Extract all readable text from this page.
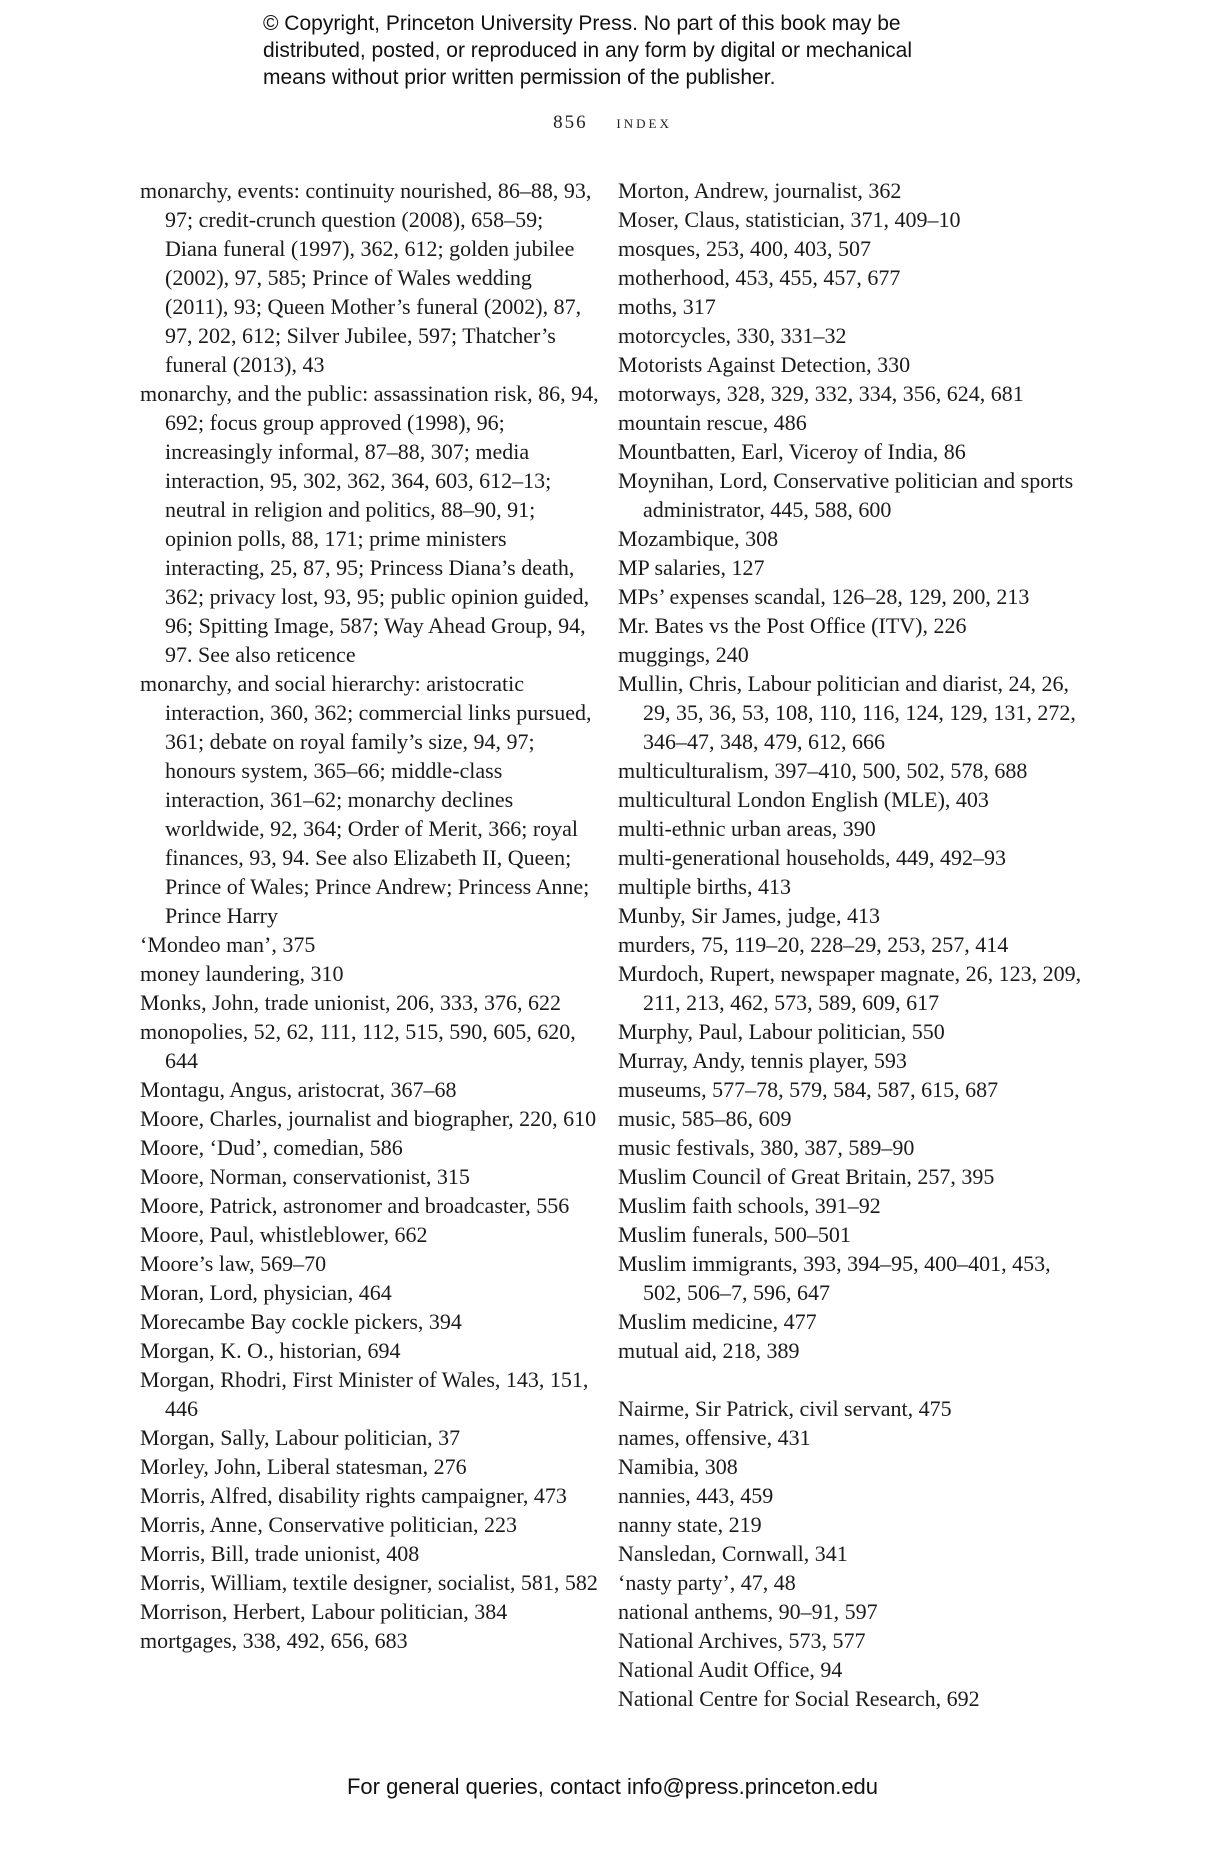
© Copyright, Princeton University Press. No part of this book may be
distributed, posted, or reproduced in any form by digital or mechanical
means without prior written permission of the publisher.
856 index

monarchy, events: continuity nourished, 86–88, 93, 97; credit-crunch question (2008), 658–59; Diana funeral (1997), 362, 612; golden jubilee (2002), 97, 585; Prince of Wales wedding (2011), 93; Queen Mother’s funeral (2002), 87, 97, 202, 612; Silver Jubilee, 597; Thatcher’s funeral (2013), 43

monarchy, and the public: assassination risk, 86, 94, 692; focus group approved (1998), 96; increasingly informal, 87–88, 307; media interaction, 95, 302, 362, 364, 603, 612–13; neutral in religion and politics, 88–90, 91; opinion polls, 88, 171; prime ministers interacting, 25, 87, 95; Princess Diana’s death, 362; privacy lost, 93, 95; public opinion guided, 96; Spitting Image, 587; Way Ahead Group, 94, 97. See also reticence

monarchy, and social hierarchy: aristocratic interaction, 360, 362; commercial links pursued, 361; debate on royal family’s size, 94, 97; honours system, 365–66; middle-class interaction, 361–62; monarchy declines worldwide, 92, 364; Order of Merit, 366; royal finances, 93, 94. See also Elizabeth II, Queen; Prince of Wales; Prince Andrew; Princess Anne; Prince Harry

‘Mondeo man’, 375

money laundering, 310

Monks, John, trade unionist, 206, 333, 376, 622

monopolies, 52, 62, 111, 112, 515, 590, 605, 620, 644

Montagu, Angus, aristocrat, 367–68

Moore, Charles, journalist and biographer, 220, 610

Moore, ‘Dud’, comedian, 586

Moore, Norman, conservationist, 315

Moore, Patrick, astronomer and broadcaster, 556

Moore, Paul, whistleblower, 662

Moore’s law, 569–70

Moran, Lord, physician, 464

Morecambe Bay cockle pickers, 394

Morgan, K. O., historian, 694

Morgan, Rhodri, First Minister of Wales, 143, 151, 446

Morgan, Sally, Labour politician, 37

Morley, John, Liberal statesman, 276

Morris, Alfred, disability rights campaigner, 473

Morris, Anne, Conservative politician, 223

Morris, Bill, trade unionist, 408

Morris, William, textile designer, socialist, 581, 582

Morrison, Herbert, Labour politician, 384

mortgages, 338, 492, 656, 683

Morton, Andrew, journalist, 362

Moser, Claus, statistician, 371, 409–10

mosques, 253, 400, 403, 507

motherhood, 453, 455, 457, 677

moths, 317

motorcycles, 330, 331–32

Motorists Against Detection, 330

motorways, 328, 329, 332, 334, 356, 624, 681

mountain rescue, 486

Mountbatten, Earl, Viceroy of India, 86

Moynihan, Lord, Conservative politician and sports administrator, 445, 588, 600

Mozambique, 308

MP salaries, 127

MPs’ expenses scandal, 126–28, 129, 200, 213

Mr. Bates vs the Post Office (ITV), 226

muggings, 240

Mullin, Chris, Labour politician and diarist, 24, 26, 29, 35, 36, 53, 108, 110, 116, 124, 129, 131, 272, 346–47, 348, 479, 612, 666

multiculturalism, 397–410, 500, 502, 578, 688

multicultural London English (MLE), 403

multi-ethnic urban areas, 390

multi-generational households, 449, 492–93

multiple births, 413

Munby, Sir James, judge, 413

murders, 75, 119–20, 228–29, 253, 257, 414

Murdoch, Rupert, newspaper magnate, 26, 123, 209, 211, 213, 462, 573, 589, 609, 617

Murphy, Paul, Labour politician, 550

Murray, Andy, tennis player, 593

museums, 577–78, 579, 584, 587, 615, 687

music, 585–86, 609

music festivals, 380, 387, 589–90

Muslim Council of Great Britain, 257, 395

Muslim faith schools, 391–92

Muslim funerals, 500–501

Muslim immigrants, 393, 394–95, 400–401, 453, 502, 506–7, 596, 647

Muslim medicine, 477

mutual aid, 218, 389

Nairme, Sir Patrick, civil servant, 475

names, offensive, 431

Namibia, 308

nannies, 443, 459

nanny state, 219

Nansledan, Cornwall, 341

‘nasty party’, 47, 48

national anthems, 90–91, 597

National Archives, 573, 577

National Audit Office, 94

National Centre for Social Research, 692

For general queries, contact info@press.princeton.edu
